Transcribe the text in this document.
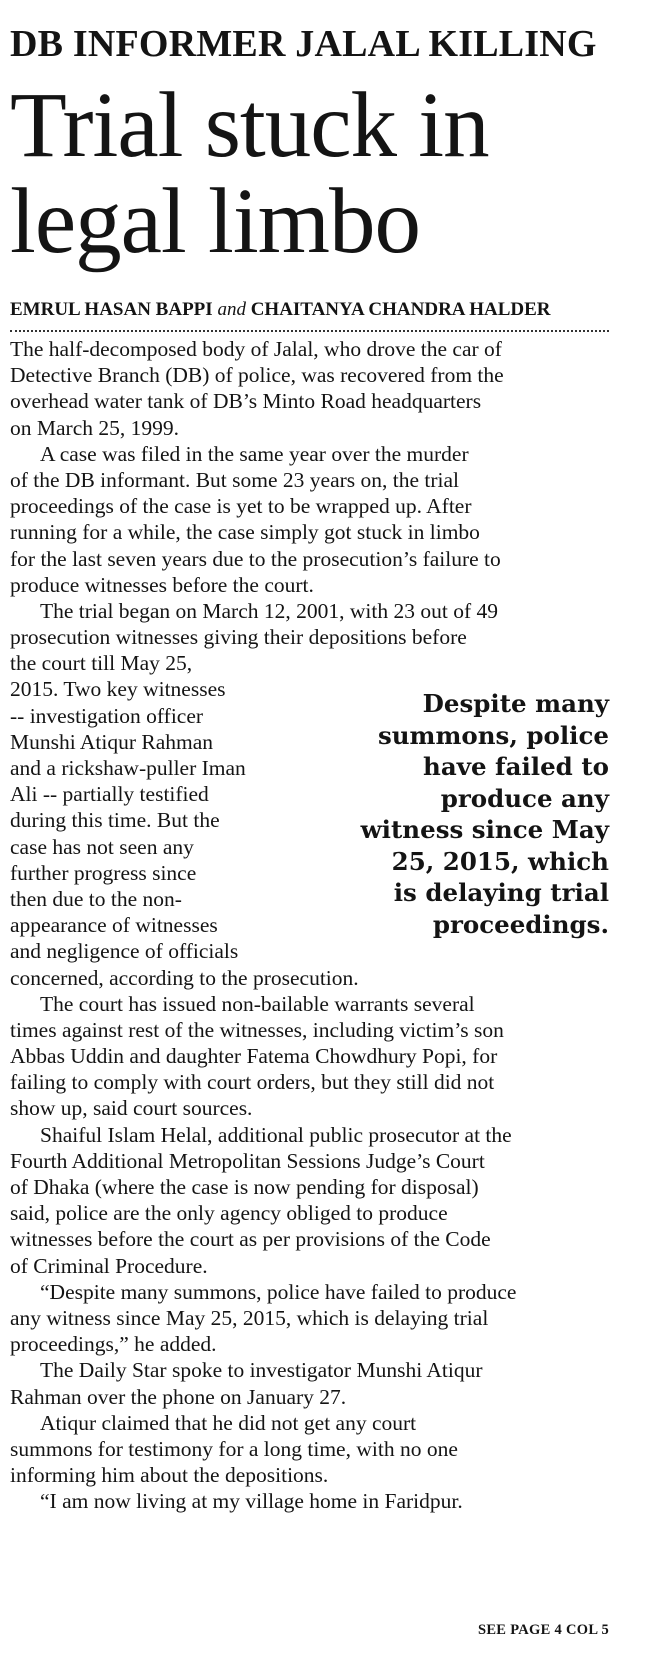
DB INFORMER JALAL KILLING
Trial stuck in
legal limbo
EMRUL HASAN BAPPI and CHAITANYA CHANDRA HALDER
The half-decomposed body of Jalal, who drove the car of
Detective Branch (DB) of police, was recovered from the
overhead water tank of DB’s Minto Road headquarters
on March 25, 1999.
A case was filed in the same year over the murder
of the DB informant. But some 23 years on, the trial
proceedings of the case is yet to be wrapped up. After
running for a while, the case simply got stuck in limbo
for the last seven years due to the prosecution’s failure to
produce witnesses before the court.
The trial began on March 12, 2001, with 23 out of 49
prosecution witnesses giving their depositions before
the court till May 25,
2015. Two key witnesses
-- investigation officer
Munshi Atiqur Rahman
and a rickshaw-puller Iman
Ali -- partially testified
during this time. But the
case has not seen any
further progress since
then due to the non-
appearance of witnesses
and negligence of officials
concerned, according to the prosecution.
The court has issued non-bailable warrants several
times against rest of the witnesses, including victim’s son
Abbas Uddin and daughter Fatema Chowdhury Popi, for
failing to comply with court orders, but they still did not
show up, said court sources.
Shaiful Islam Helal, additional public prosecutor at the
Fourth Additional Metropolitan Sessions Judge’s Court
of Dhaka (where the case is now pending for disposal)
said, police are the only agency obliged to produce
witnesses before the court as per provisions of the Code
of Criminal Procedure.
“Despite many summons, police have failed to produce
any witness since May 25, 2015, which is delaying trial
proceedings,” he added.
The Daily Star spoke to investigator Munshi Atiqur
Rahman over the phone on January 27.
Atiqur claimed that he did not get any court
summons for testimony for a long time, with no one
informing him about the depositions.
“I am now living at my village home in Faridpur.
Despite many
summons, police
have failed to
produce any
witness since May
25, 2015, which
is delaying trial
proceedings.
SEE PAGE 4 COL 5
